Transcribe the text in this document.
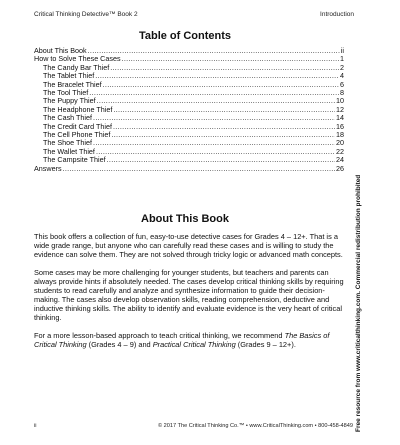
Critical Thinking Detective™ Book 2	Introduction
Table of Contents
About This Book .....	ii
How to Solve These Cases .....	1
The Candy Bar Thief .....	2
The Tablet Thief .....	4
The Bracelet Thief .....	6
The Tool Thief .....	8
The Puppy Thief .....	10
The Headphone Thief .....	12
The Cash Thief .....	14
The Credit Card Thief .....	16
The Cell Phone Thief .....	18
The Shoe Thief .....	20
The Wallet Thief .....	22
The Campsite Thief .....	24
Answers .....	26
About This Book

This book offers a collection of fun, easy-to-use detective cases for Grades 4 – 12+. That is a wide grade range, but anyone who can carefully read these cases and is willing to study the evidence can solve them. They are not solved through tricky logic or advanced math concepts.

Some cases may be more challenging for younger students, but teachers and parents can always provide hints if absolutely needed. The cases develop critical thinking skills by requiring students to read carefully and analyze and synthesize information to guide their decision-making. The cases also develop observation skills, reading comprehension, deductive and inductive thinking skills. The ability to identify and evaluate evidence is the very heart of critical thinking.

For a more lesson-based approach to teach critical thinking, we recommend The Basics of Critical Thinking (Grades 4 – 9) and Practical Critical Thinking (Grades 9 – 12+).	Free resource from www.criticalthinking.com. Commercial redistribution prohibited
ii	© 2017 The Critical Thinking Co.™ • www.CriticalThinking.com • 800-458-4849
